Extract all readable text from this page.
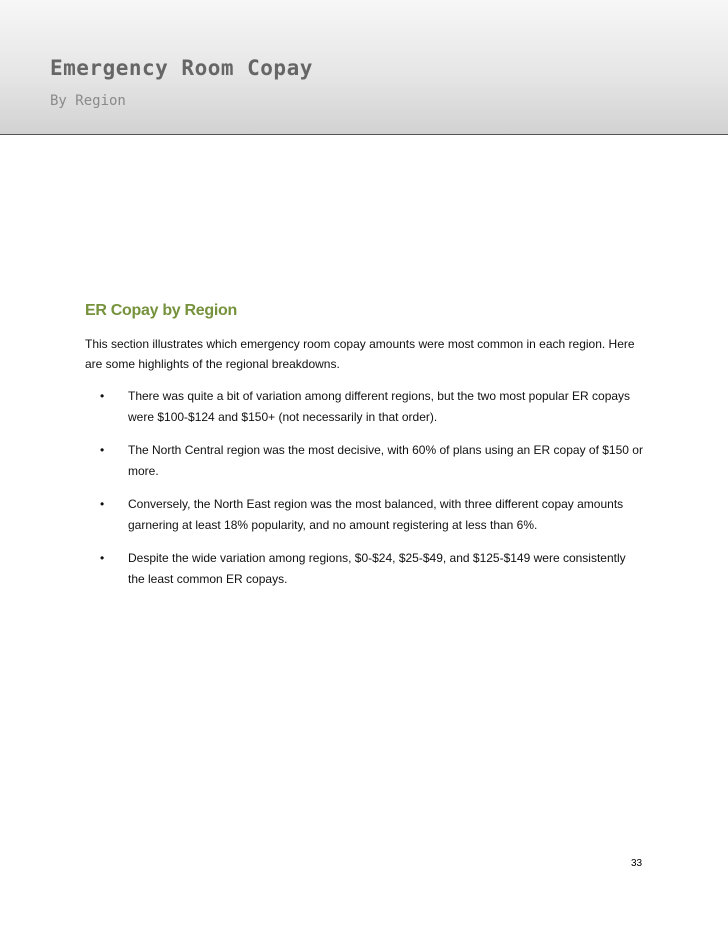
Emergency Room Copay
By Region
ER Copay by Region

This section illustrates which emergency room copay amounts were most common in each region. Here are some highlights of the regional breakdowns.

• There was quite a bit of variation among different regions, but the two most popular ER copays were $100-$124 and $150+ (not necessarily in that order).
• The North Central region was the most decisive, with 60% of plans using an ER copay of $150 or more.
• Conversely, the North East region was the most balanced, with three different copay amounts garnering at least 18% popularity, and no amount registering at less than 6%.
• Despite the wide variation among regions, $0-$24, $25-$49, and $125-$149 were consistently the least common ER copays.
33
